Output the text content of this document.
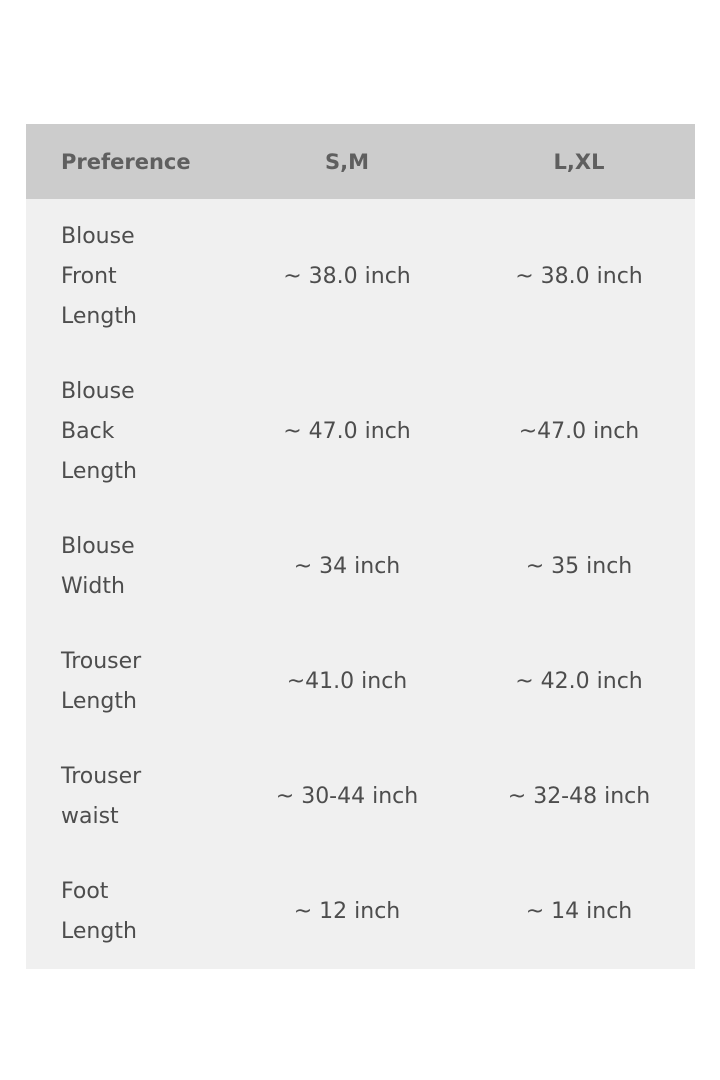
Preference	S,M	L,XL

Blouse Front Length	~ 38.0 inch	~ 38.0 inch

Blouse Back Length	~ 47.0 inch	~47.0 inch

Blouse Width	~ 34 inch	~ 35 inch

Trouser Length	~41.0 inch	~ 42.0 inch

Trouser waist	~ 30-44 inch	~ 32-48 inch

Foot Length	~ 12 inch	~ 14 inch
